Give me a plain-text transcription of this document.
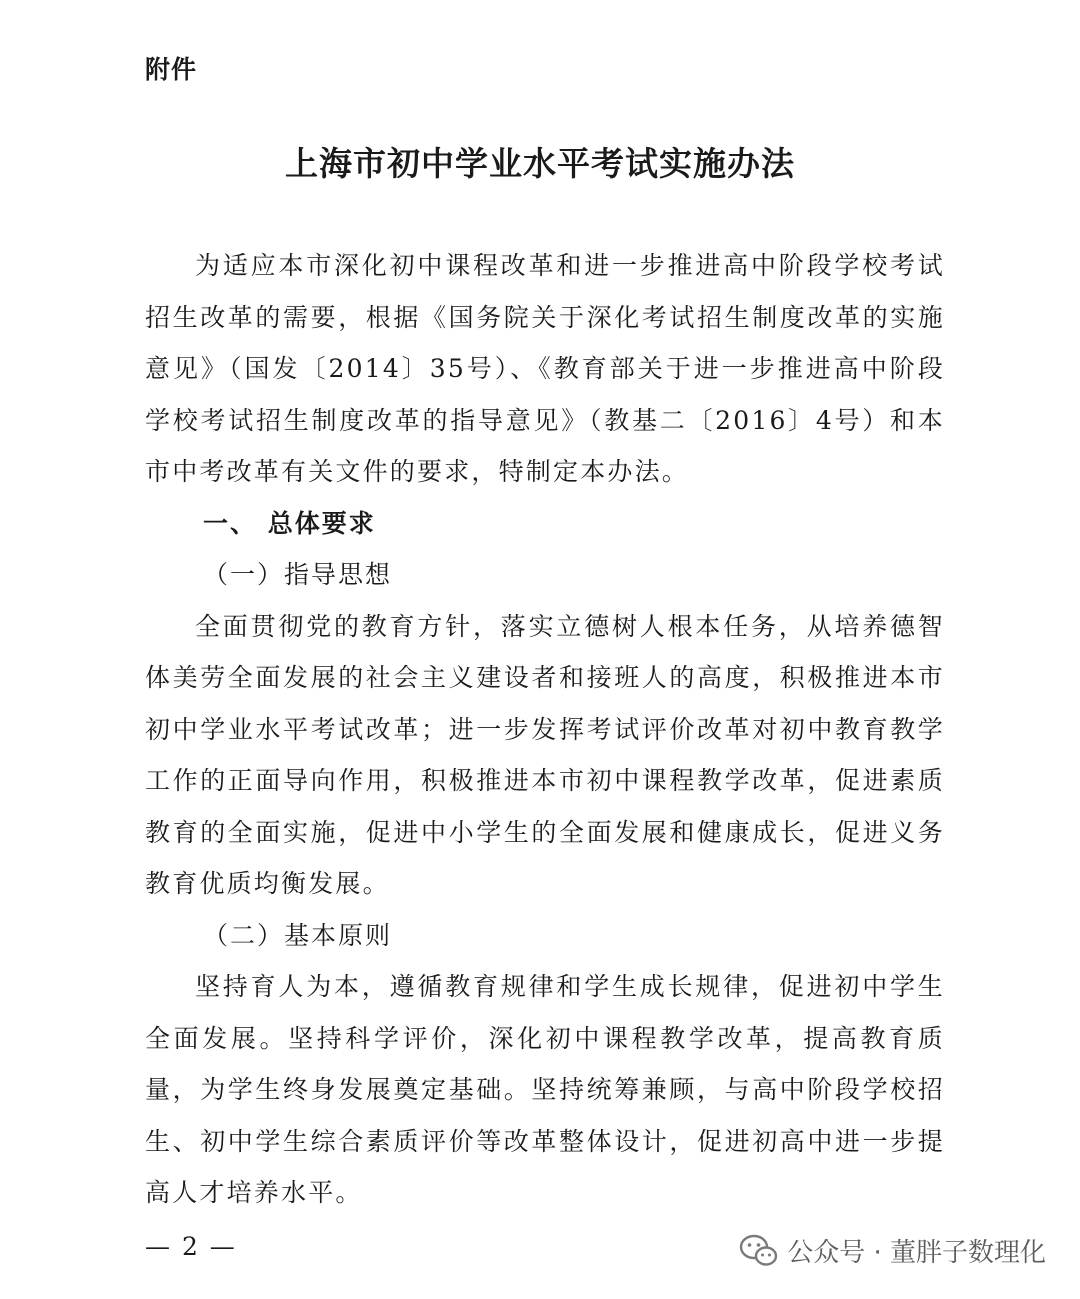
附件
上海市初中学业水平考试实施办法

为适应本市深化初中课程改革和进一步推进高中阶段学校考试招生改革的需要，根据《国务院关于深化考试招生制度改革的实施意见》（国发〔2014〕35号）、《教育部关于进一步推进高中阶段学校考试招生制度改革的指导意见》（教基二〔2016〕4号）和本市中考改革有关文件的要求，特制定本办法。

一、 总体要求

（一）指导思想

全面贯彻党的教育方针，落实立德树人根本任务，从培养德智体美劳全面发展的社会主义建设者和接班人的高度，积极推进本市初中学业水平考试改革；进一步发挥考试评价改革对初中教育教学工作的正面导向作用，积极推进本市初中课程教学改革，促进素质教育的全面实施，促进中小学生的全面发展和健康成长，促进义务教育优质均衡发展。

（二）基本原则

坚持育人为本，遵循教育规律和学生成长规律，促进初中学生全面发展。坚持科学评价，深化初中课程教学改革，提高教育质量，为学生终身发展奠定基础。坚持统筹兼顾，与高中阶段学校招生、初中学生综合素质评价等改革整体设计，促进初高中进一步提高人才培养水平。

— 2 —	公众号 · 董胖子数理化
